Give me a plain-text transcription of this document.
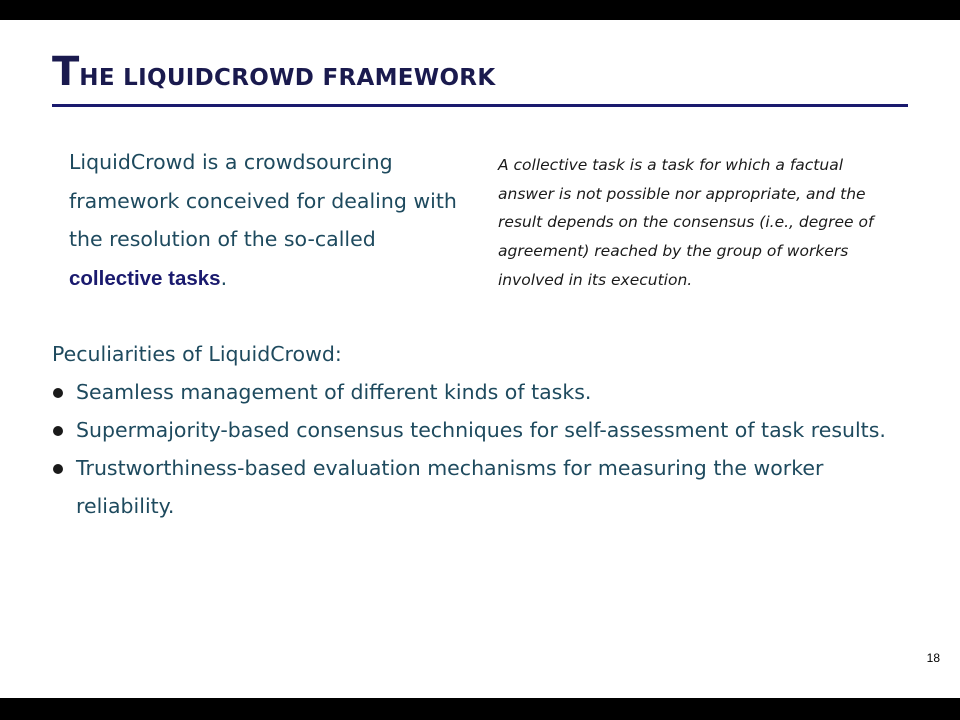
THE LIQUIDCROWD FRAMEWORK
LiquidCrowd is a crowdsourcing framework conceived for dealing with the resolution of the so-called collective tasks.
A collective task is a task for which a factual answer is not possible nor appropriate, and the result depends on the consensus (i.e., degree of agreement) reached by the group of workers involved in its execution.
Peculiarities of LiquidCrowd:
Seamless management of different kinds of tasks.
Supermajority-based consensus techniques for self-assessment of task results.
Trustworthiness-based evaluation mechanisms for measuring the worker reliability.
18
